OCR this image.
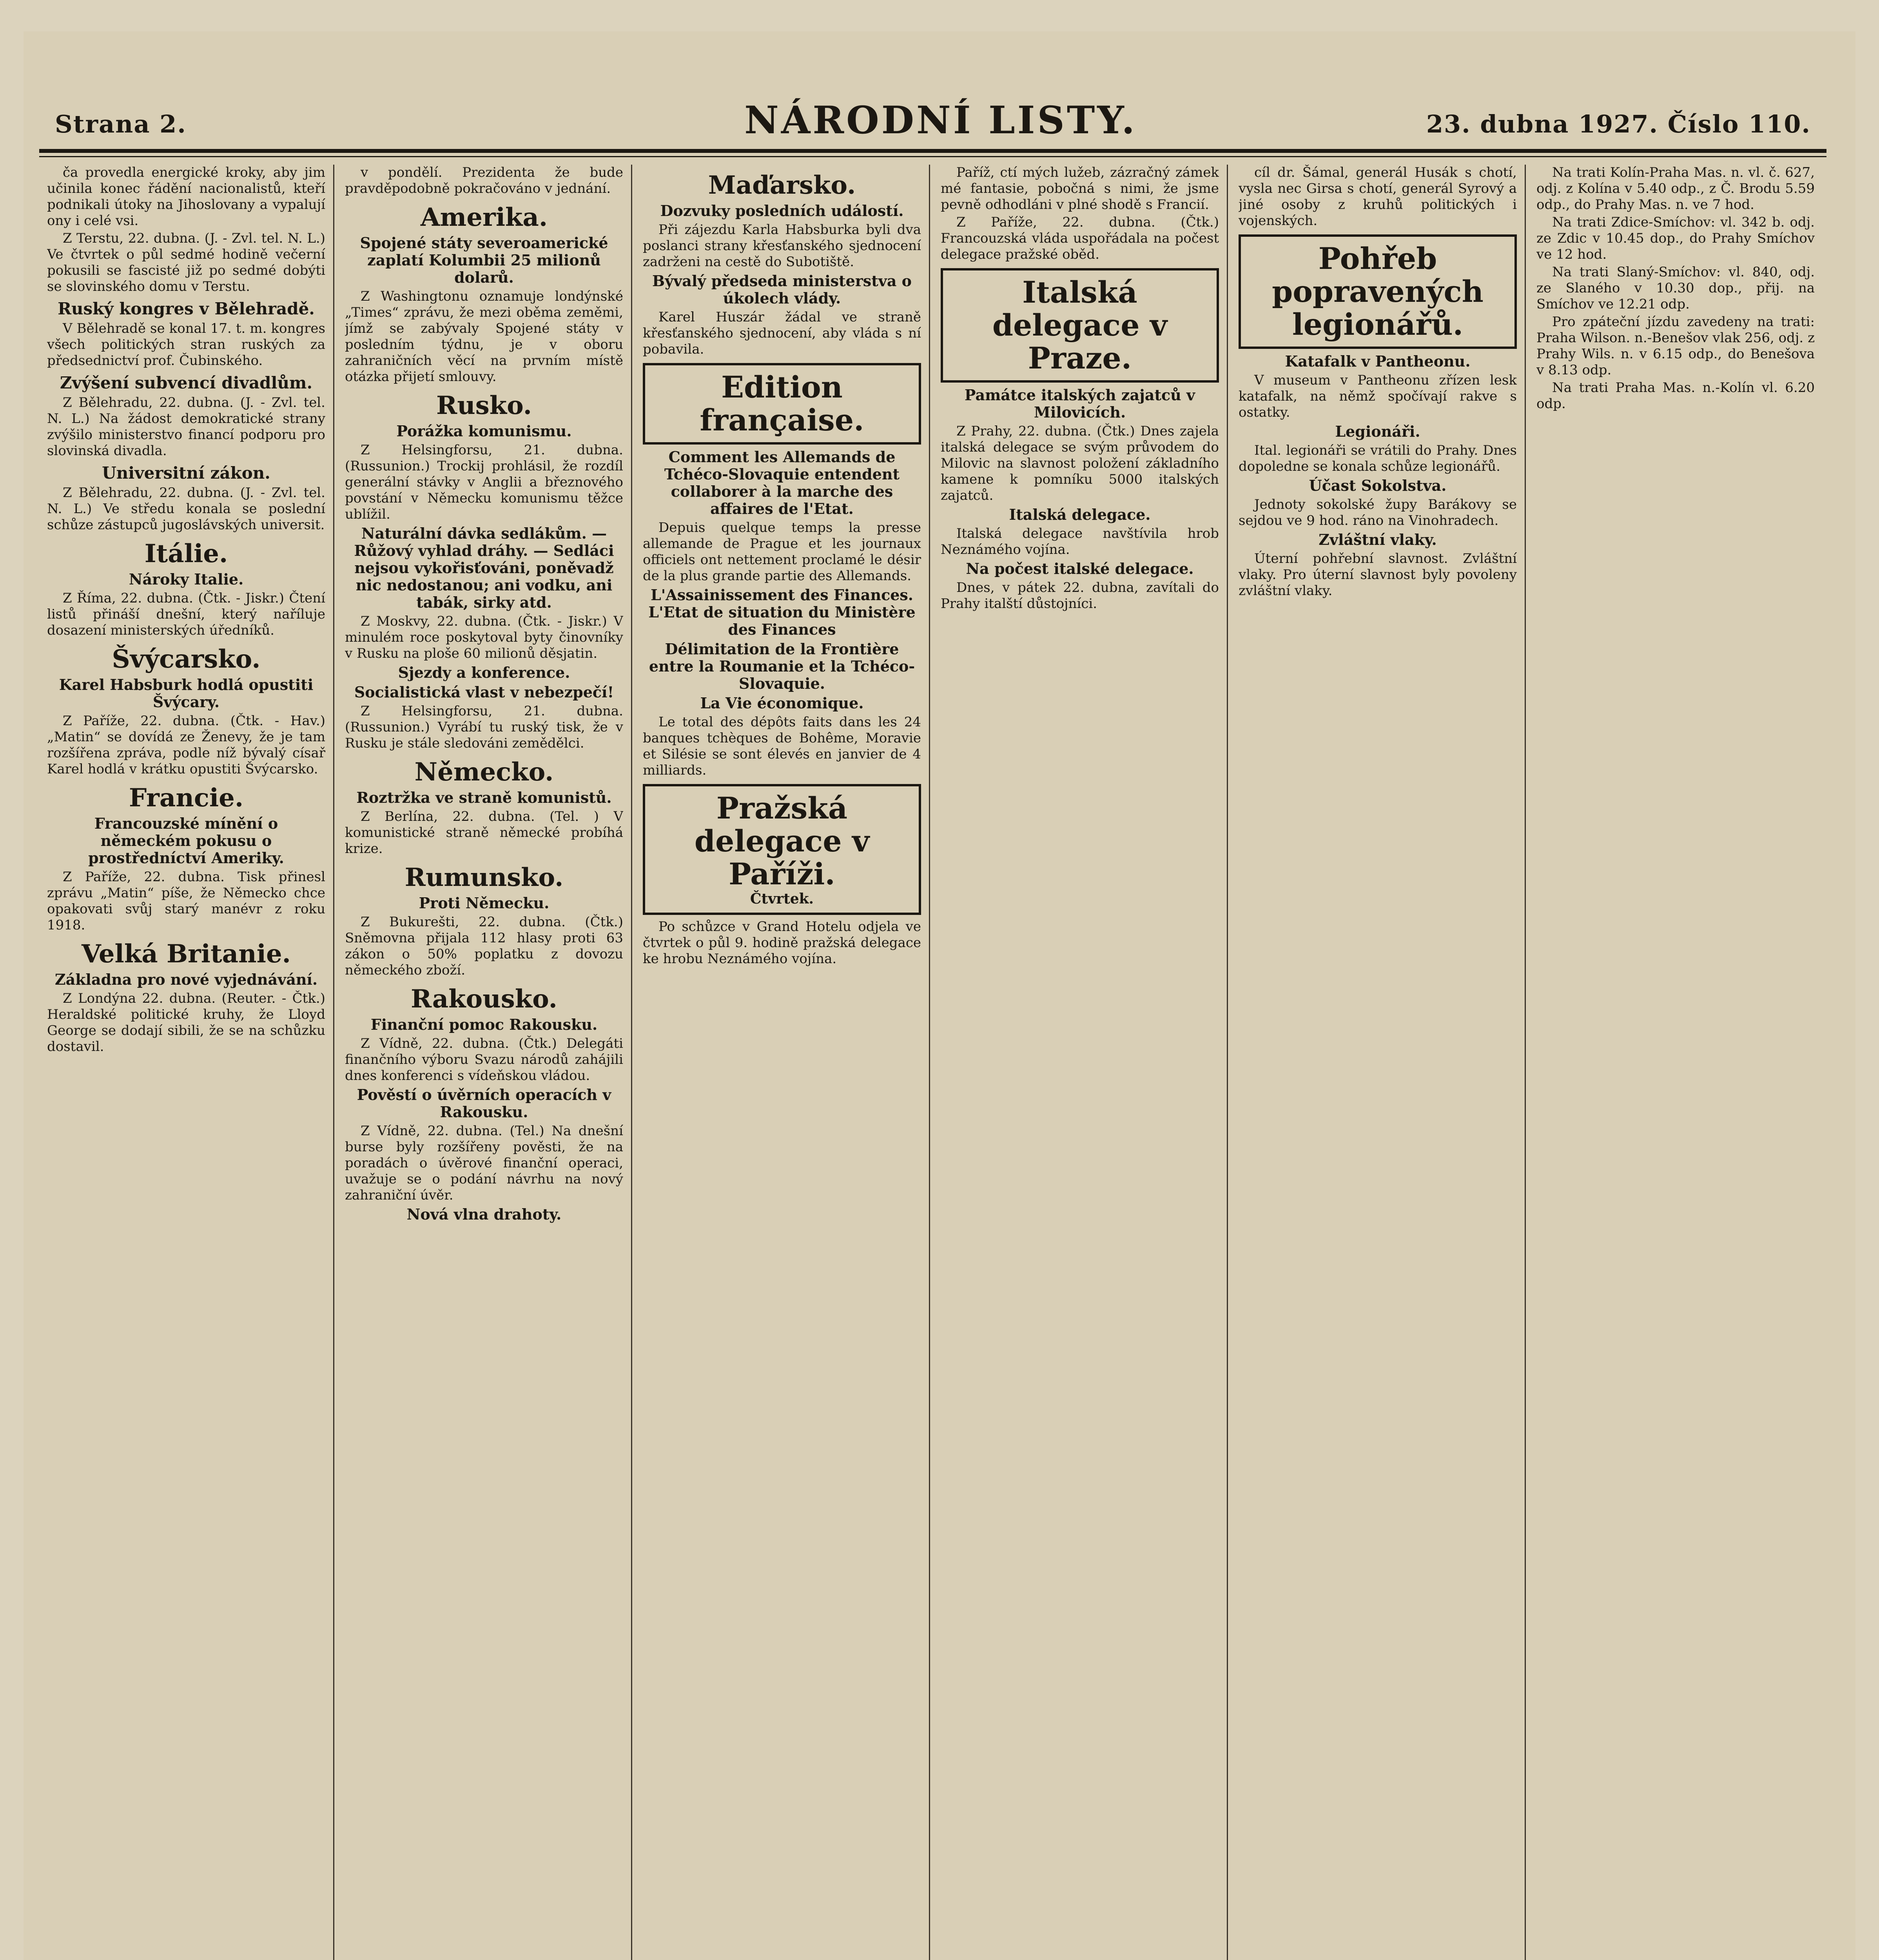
Strana 2.	NÁRODNÍ LISTY.	23. dubna 1927. Číslo 110.

ča provedla energické kroky, aby jim učinila konec řádění nacionalistů, kteří podnikali útoky na Jihoslovany a vypalují ony i celé vsi.

Z Terstu, 22. dubna. (J. - Zvl. tel. N. L.) Ve čtvrtek o půl sedmé hodině večerní pokusili se fascisté již po sedmé dobýti se slovinského domu v Terstu.

Ruský kongres v Bělehradě.

V Bělehradě se konal 17. t. m. kongres všech politických stran ruských za předsednictví prof. Čubinského.

Zvýšení subvencí divadlům.

Z Bělehradu, 22. dubna. (J. - Zvl. tel. N. L.) Na žádost demokratické strany zvýšilo ministerstvo financí podporu pro slovinská divadla.

Universitní zákon.

Z Bělehradu, 22. dubna. (J. - Zvl. tel. N. L.) Ve středu konala se poslední schůze zástupců jugoslávských universit.

Itálie.
Nároky Italie.

Z Říma, 22. dubna. (Čtk. - Jiskr.) Čtení listů přináší dnešní, který naříluje dosazení ministerských úředníků.

Švýcarsko.
Karel Habsburk hodlá opustiti Švýcary.

Z Paříže, 22. dubna. (Čtk. - Hav.) „Matin“ se dovídá ze Ženevy, že je tam rozšířena zpráva, podle níž bývalý císař Karel hodlá v krátku opustiti Švýcarsko.

Francie.
Francouzské mínění o německém pokusu o prostředníctví Ameriky.

Z Paříže, 22. dubna. Tisk přinesl zprávu „Matin“ píše, že Německo chce opakovati svůj starý manévr z roku 1918.

Velká Britanie.
Základna pro nové vyjednávání.

Z Londýna 22. dubna. (Reuter. - Čtk.) Heraldské politické kruhy, že Lloyd George se dodají sibili, že se na schůzku dostavil.

v pondělí. Prezidenta že bude pravděpodobně pokračováno v jednání.

Amerika.
Spojené státy severoamerické zaplatí Kolumbii 25 milionů dolarů.

Z Washingtonu oznamuje londýnské „Times“ zprávu, že mezi oběma zeměmi, jímž se zabývaly Spojené státy v posledním týdnu, je v oboru zahraničních věcí na prvním místě otázka přijetí smlouvy.

Rusko.
Porážka komunismu.

Z Helsingforsu, 21. dubna. (Russunion.) Trockij prohlásil, že rozdíl generální stávky v Anglii a březnového povstání v Německu komunismu těžce ublížil.

Naturální dávka sedlákům. — Růžový vyhlad dráhy. — Sedláci nejsou vykořisťováni, poněvadž nic nedostanou; ani vodku, ani tabák, sirky atd.

Z Moskvy, 22. dubna. (Čtk. - Jiskr.) V minulém roce poskytoval byty činovníky v Rusku na ploše 60 milionů děsjatin.

Sjezdy a konference.
Socialistická vlast v nebezpečí!

Z Helsingforsu, 21. dubna. (Russunion.) Vyrábí tu ruský tisk, že v Rusku je stále sledováni zemědělci.

Německo.
Roztržka ve straně komunistů.

Z Berlína, 22. dubna. (Tel. ) V komunistické straně německé probíhá krize.

Rumunsko.
Proti Německu.

Z Bukurešti, 22. dubna. (Čtk.) Sněmovna přijala 112 hlasy proti 63 zákon o 50% poplatku z dovozu německého zboží.

Rakousko.
Finanční pomoc Rakousku.

Z Vídně, 22. dubna. (Čtk.) Delegáti finančního výboru Svazu národů zahájili dnes konferenci s vídeňskou vládou.

Pověstí o úvěrních operacích v Rakousku.

Z Vídně, 22. dubna. (Tel.) Na dnešní burse byly rozšířeny pověsti, že na poradách o úvěrové finanční operaci, uvažuje se o podání návrhu na nový zahraniční úvěr.

Nová vlna drahoty.
Maďarsko.
Dozvuky posledních událostí.

Při zájezdu Karla Habsburka byli dva poslanci strany křesťanského sjednocení zadrženi na cestě do Subotiště.

Bývalý předseda ministerstva o úkolech vlády.

Karel Huszár žádal ve straně křesťanského sjednocení, aby vláda s ní pobavila.

Edition française.
Comment les Allemands de Tchéco-Slovaquie entendent collaborer à la marche des affaires de l'Etat.

Depuis quelque temps la presse allemande de Prague et les journaux officiels ont nettement proclamé le désir de la plus grande partie des Allemands.

L'Assainissement des Finances. L'Etat de situation du Ministère des Finances
Délimitation de la Frontière entre la Roumanie et la Tchéco-Slovaquie.
La Vie économique.

Le total des dépôts faits dans les 24 banques tchèques de Bohême, Moravie et Silésie se sont élevés en janvier de 4 milliards.

Pražská delegace v Paříži.
Čtvrtek.

Po schůzce v Grand Hotelu odjela ve čtvrtek o půl 9. hodině pražská delegace ke hrobu Neznámého vojína.

Paříž, ctí mých lužeb, zázračný zámek mé fantasie, pobočná s nimi, že jsme pevně odhodláni v plné shodě s Francií.

Z Paříže, 22. dubna. (Čtk.) Francouzská vláda uspořádala na počest delegace pražské oběd.

Italská delegace v Praze.
Památce italských zajatců v Milovicích.

Z Prahy, 22. dubna. (Čtk.) Dnes zajela italská delegace se svým průvodem do Milovic na slavnost položení základního kamene k pomníku 5000 italských zajatců.

Italská delegace.

Italská delegace navštívila hrob Neznámého vojína.

Na počest italské delegace.

Dnes, v pátek 22. dubna, zavítali do Prahy italští důstojníci.

cíl dr. Šámal, generál Husák s chotí, vysla nec Girsa s chotí, generál Syrový a jiné osoby z kruhů politických i vojenských.

Pohřeb popravených legionářů.
Katafalk v Pantheonu.

V museum v Pantheonu zřízen lesk katafalk, na němž spočívají rakve s ostatky.

Legionáři.

Ital. legionáři se vrátili do Prahy. Dnes dopoledne se konala schůze legionářů.

Účast Sokolstva.

Jednoty sokolské župy Barákovy se sejdou ve 9 hod. ráno na Vinohradech.

Zvláštní vlaky.

Úterní pohřební slavnost. Zvláštní vlaky. Pro úterní slavnost byly povoleny zvláštní vlaky.

Na trati Kolín-Praha Mas. n. vl. č. 627, odj. z Kolína v 5.40 odp., z Č. Brodu 5.59 odp., do Prahy Mas. n. ve 7 hod.

Na trati Zdice-Smíchov: vl. 342 b. odj. ze Zdic v 10.45 dop., do Prahy Smíchov ve 12 hod.

Na trati Slaný-Smíchov: vl. 840, odj. ze Slaného v 10.30 dop., přij. na Smíchov ve 12.21 odp.

Pro zpáteční jízdu zavedeny na trati: Praha Wilson. n.-Benešov vlak 256, odj. z Prahy Wils. n. v 6.15 odp., do Benešova v 8.13 odp.

Na trati Praha Mas. n.-Kolín vl. 6.20 odp.
